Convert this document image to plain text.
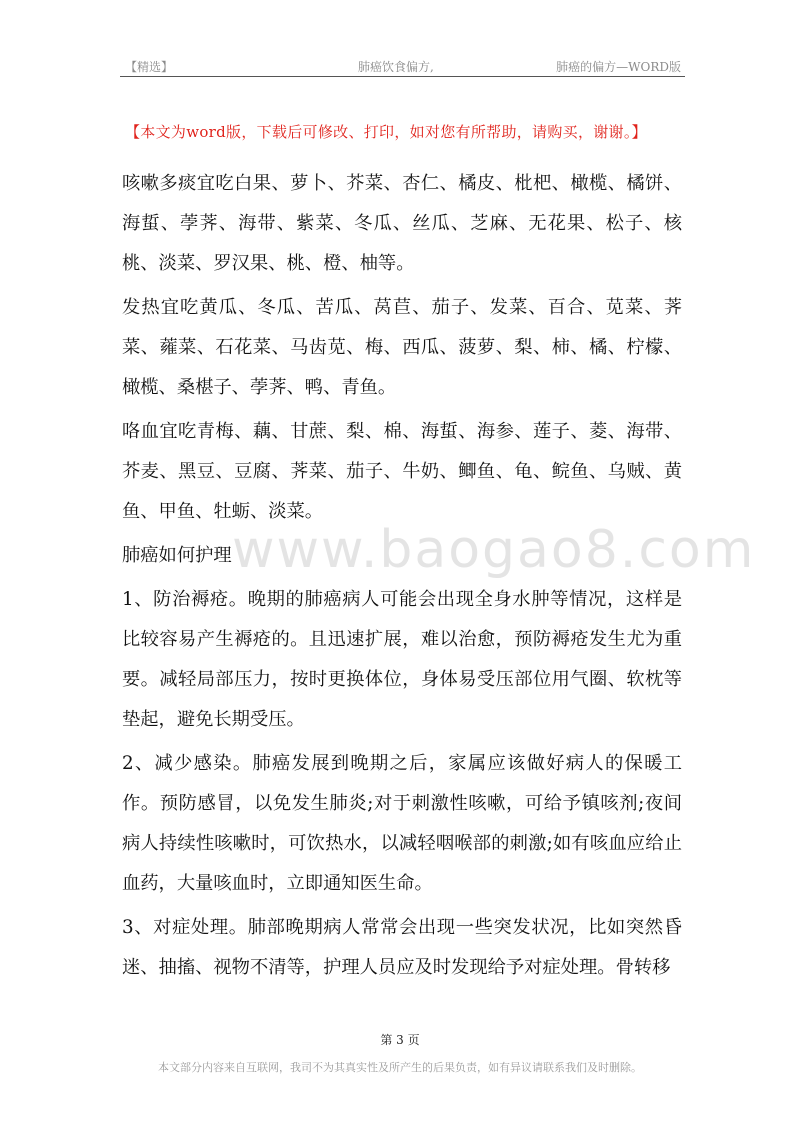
【精选】	肺癌饮食偏方,	肺癌的偏方—WORD版
【本文为word版，下载后可修改、打印，如对您有所帮助，请购买，谢谢。】
www.baogao8.com

咳嗽多痰宜吃白果、萝卜、芥菜、杏仁、橘皮、枇杷、橄榄、橘饼、海蜇、荸荠、海带、紫菜、冬瓜、丝瓜、芝麻、无花果、松子、核桃、淡菜、罗汉果、桃、橙、柚等。

发热宜吃黄瓜、冬瓜、苦瓜、莴苣、茄子、发菜、百合、苋菜、荠菜、蕹菜、石花菜、马齿苋、梅、西瓜、菠萝、梨、柿、橘、柠檬、橄榄、桑椹子、荸荠、鸭、青鱼。

咯血宜吃青梅、藕、甘蔗、梨、棉、海蜇、海参、莲子、菱、海带、芥麦、黑豆、豆腐、荠菜、茄子、牛奶、鲫鱼、龟、鲩鱼、乌贼、黄鱼、甲鱼、牡蛎、淡菜。

肺癌如何护理

1、防治褥疮。晚期的肺癌病人可能会出现全身水肿等情况，这样是比较容易产生褥疮的。且迅速扩展，难以治愈，预防褥疮发生尤为重要。减轻局部压力，按时更换体位，身体易受压部位用气圈、软枕等垫起，避免长期受压。

2、减少感染。肺癌发展到晚期之后，家属应该做好病人的保暖工作。预防感冒，以免发生肺炎;对于刺激性咳嗽，可给予镇咳剂;夜间病人持续性咳嗽时，可饮热水，以减轻咽喉部的刺激;如有咳血应给止血药，大量咳血时，立即通知医生命。

3、对症处理。肺部晚期病人常常会出现一些突发状况，比如突然昏迷、抽搐、视物不清等，护理人员应及时发现给予对症处理。骨转移

第 3 页
本文部分内容来自互联网，我司不为其真实性及所产生的后果负责，如有异议请联系我们及时删除。
